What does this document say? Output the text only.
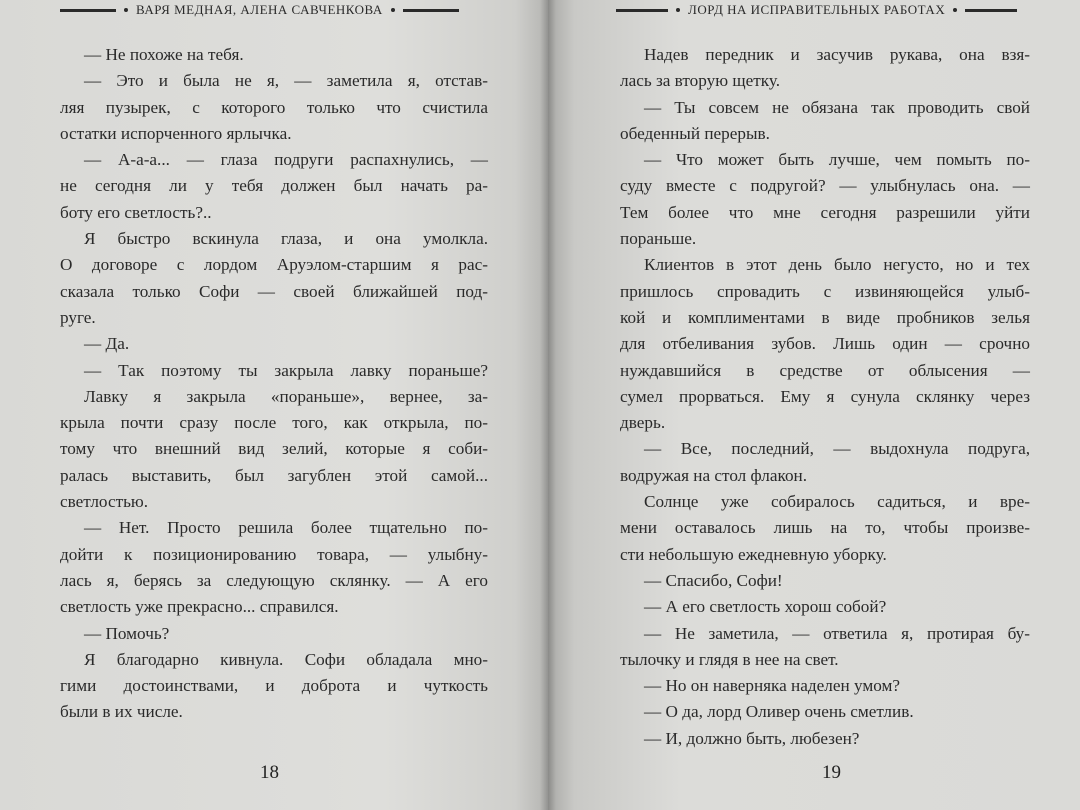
ВАРЯ МЕДНАЯ, АЛЕНА САВЧЕНКОВА
— Не похоже на тебя.
— Это и была не я, — заметила я, отстав-
ляя пузырек, с которого только что счистила
остатки испорченного ярлычка.
— А-а-а... — глаза подруги распахнулись, —
не сегодня ли у тебя должен был начать ра-
боту его светлость?..
Я быстро вскинула глаза, и она умолкла.
О договоре с лордом Аруэлом-старшим я рас-
сказала только Софи — своей ближайшей под-
руге.
— Да.
— Так поэтому ты закрыла лавку пораньше?
Лавку я закрыла «пораньше», вернее, за-
крыла почти сразу после того, как открыла, по-
тому что внешний вид зелий, которые я соби-
ралась выставить, был загублен этой самой...
светлостью.
— Нет. Просто решила более тщательно по-
дойти к позиционированию товара, — улыбну-
лась я, берясь за следующую склянку. — А его
светлость уже прекрасно... справился.
— Помочь?
Я благодарно кивнула. Софи обладала мно-
гими достоинствами, и доброта и чуткость
были в их числе.
18
ЛОРД НА ИСПРАВИТЕЛЬНЫХ РАБОТАХ
Надев передник и засучив рукава, она взя-
лась за вторую щетку.
— Ты совсем не обязана так проводить свой
обеденный перерыв.
— Что может быть лучше, чем помыть по-
суду вместе с подругой? — улыбнулась она. —
Тем более что мне сегодня разрешили уйти
пораньше.
Клиентов в этот день было негусто, но и тех
пришлось спровадить с извиняющейся улыб-
кой и комплиментами в виде пробников зелья
для отбеливания зубов. Лишь один — срочно
нуждавшийся в средстве от облысения —
сумел прорваться. Ему я сунула склянку через
дверь.
— Все, последний, — выдохнула подруга,
водружая на стол флакон.
Солнце уже собиралось садиться, и вре-
мени оставалось лишь на то, чтобы произве-
сти небольшую ежедневную уборку.
— Спасибо, Софи!
— А его светлость хорош собой?
— Не заметила, — ответила я, протирая бу-
тылочку и глядя в нее на свет.
— Но он наверняка наделен умом?
— О да, лорд Оливер очень сметлив.
— И, должно быть, любезен?
19
